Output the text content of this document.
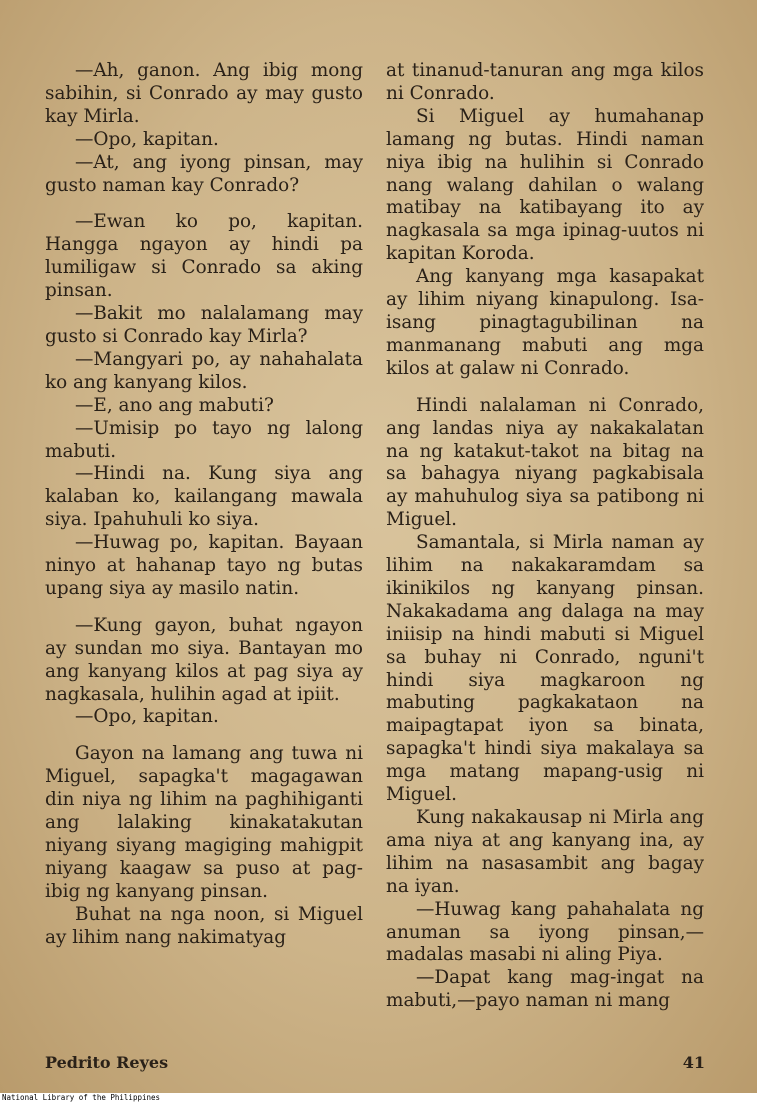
—Ah, ganon. Ang ibig mong sabihin, si Conrado ay may gusto kay Mirla.

—Opo, kapitan.

—At, ang iyong pinsan, may gusto naman kay Conrado?

—Ewan ko po, kapitan. Hangga ngayon ay hindi pa lumiligaw si Conrado sa aking pinsan.

—Bakit mo nalalamang may gusto si Conrado kay Mirla?

—Mangyari po, ay nahahalata ko ang kanyang kilos.

—E, ano ang mabuti?

—Umisip po tayo ng lalong mabuti.

—Hindi na. Kung siya ang kalaban ko, kailangang mawala siya. Ipahuhuli ko siya.

—Huwag po, kapitan. Bayaan ninyo at hahanap tayo ng butas upang siya ay masilo natin.

—Kung gayon, buhat ngayon ay sundan mo siya. Bantayan mo ang kanyang kilos at pag siya ay nagkasala, hulihin agad at ipiit.

—Opo, kapitan.

Gayon na lamang ang tuwa ni Miguel, sapagka't magagawan din niya ng lihim na paghihiganti ang lalaking kinakatakutan niyang siyang magiging mahigpit niyang kaagaw sa puso at pag-ibig ng kanyang pinsan.

Buhat na nga noon, si Miguel ay lihim nang nakimatyag

at tinanud-tanuran ang mga kilos ni Conrado.

Si Miguel ay humahanap lamang ng butas. Hindi naman niya ibig na hulihin si Conrado nang walang dahilan o walang matibay na katibayang ito ay nagkasala sa mga ipinag-uutos ni kapitan Koroda.

Ang kanyang mga kasapakat ay lihim niyang kinapulong. Isa-isang pinagtagubilinan na manmanang mabuti ang mga kilos at galaw ni Conrado.

Hindi nalalaman ni Conrado, ang landas niya ay nakakalatan na ng katakut-takot na bitag na sa bahagya niyang pagkabisala ay mahuhulog siya sa patibong ni Miguel.

Samantala, si Mirla naman ay lihim na nakakaramdam sa ikinikilos ng kanyang pinsan. Nakakadama ang dalaga na may iniisip na hindi mabuti si Miguel sa buhay ni Conrado, nguni't hindi siya magkaroon ng mabuting pagkakataon na maipagtapat iyon sa binata, sapagka't hindi siya makalaya sa mga matang mapang-usig ni Miguel.

Kung nakakausap ni Mirla ang ama niya at ang kanyang ina, ay lihim na nasasambit ang bagay na iyan.

—Huwag kang pahahalata ng anuman sa iyong pinsan,— madalas masabi ni aling Piya.

—Dapat kang mag-ingat na mabuti,—payo naman ni mang

Pedrito Reyes	41
National Library of the Philippines
